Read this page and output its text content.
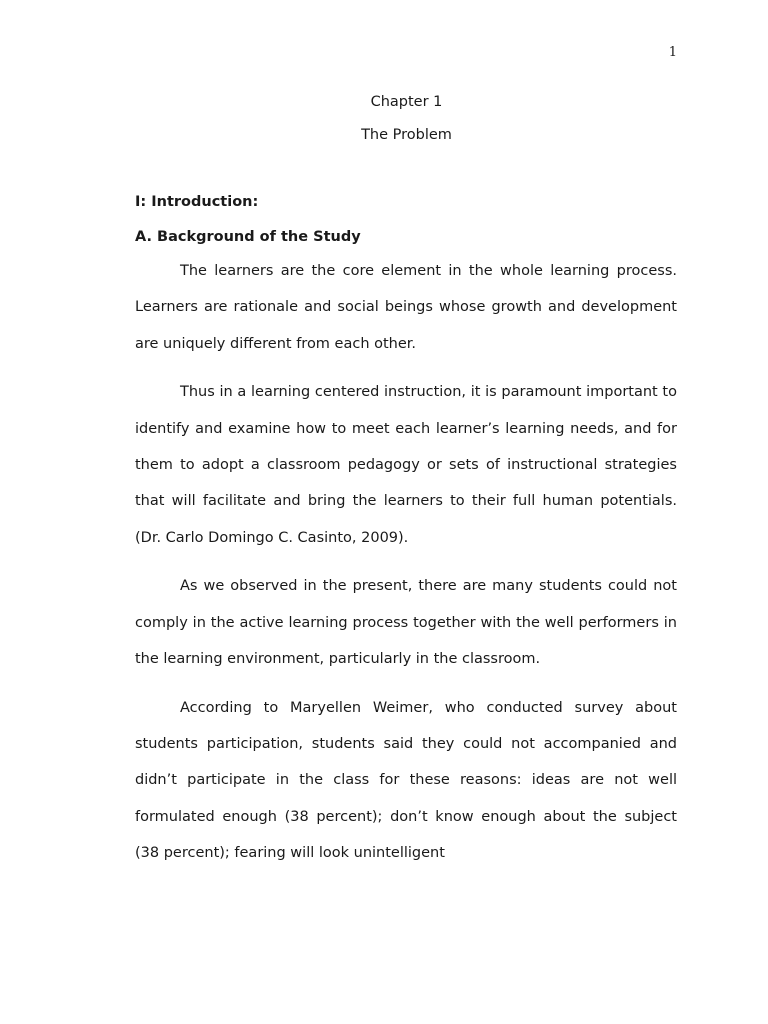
1
Chapter 1
The Problem
I: Introduction:
A. Background of the Study

The learners are the core element in the whole learning process. Learners are rationale and social beings whose growth and development are uniquely different from each other.

Thus in a learning centered instruction, it is paramount important to identify and examine how to meet each learner’s learning needs, and for them to adopt a classroom pedagogy or sets of instructional strategies that will facilitate and bring the learners to their full human potentials. (Dr. Carlo Domingo C. Casinto, 2009).

As we observed in the present, there are many students could not comply in the active learning process together with the well performers in the learning environment, particularly in the classroom.

According to Maryellen Weimer, who conducted survey about students participation, students said they could not accompanied and didn’t participate in the class for these reasons: ideas are not well formulated enough (38 percent); don’t know enough about the subject (38 percent); fearing will look unintelligent
